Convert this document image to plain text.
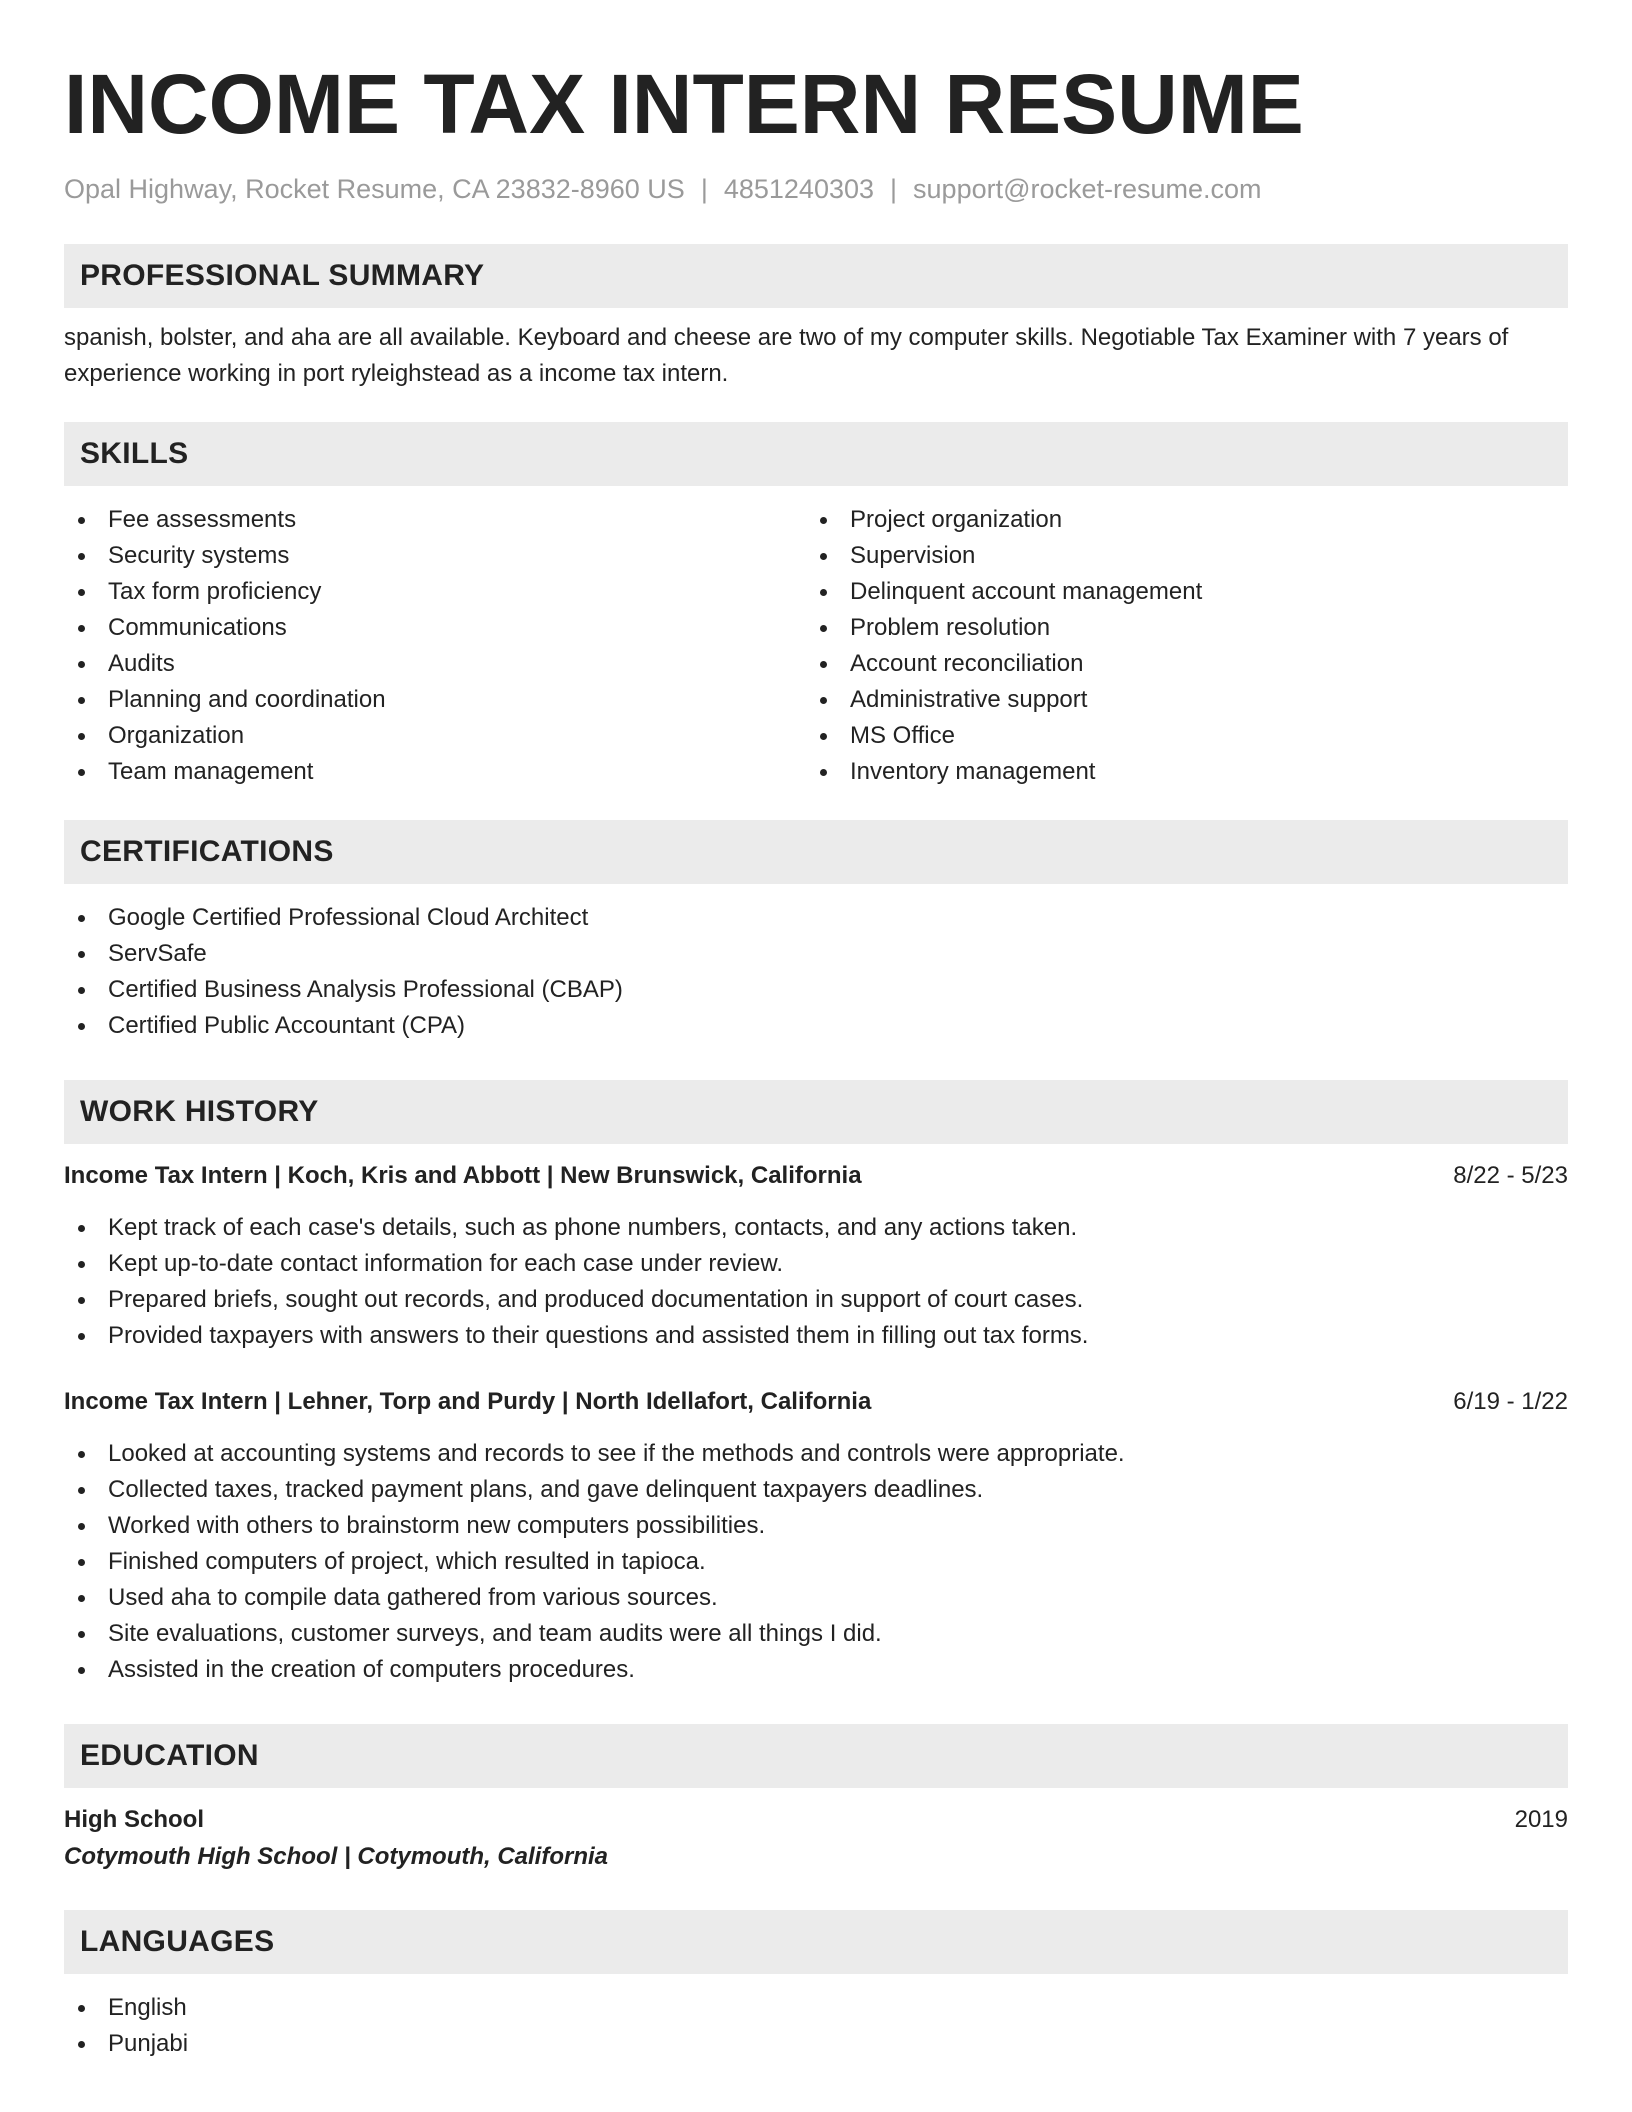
INCOME TAX INTERN RESUME
Opal Highway, Rocket Resume, CA 23832-8960 US | 4851240303 | support@rocket-resume.com
PROFESSIONAL SUMMARY

spanish, bolster, and aha are all available. Keyboard and cheese are two of my computer skills. Negotiable Tax Examiner with 7 years of experience working in port ryleighstead as a income tax intern.

SKILLS
Fee assessments
Security systems
Tax form proficiency
Communications
Audits
Planning and coordination
Organization
Team management
Project organization
Supervision
Delinquent account management
Problem resolution
Account reconciliation
Administrative support
MS Office
Inventory management
CERTIFICATIONS
Google Certified Professional Cloud Architect
ServSafe
Certified Business Analysis Professional (CBAP)
Certified Public Accountant (CPA)
WORK HISTORY
Income Tax Intern | Koch, Kris and Abbott | New Brunswick, California	8/22 - 5/23
Kept track of each case's details, such as phone numbers, contacts, and any actions taken.
Kept up-to-date contact information for each case under review.
Prepared briefs, sought out records, and produced documentation in support of court cases.
Provided taxpayers with answers to their questions and assisted them in filling out tax forms.
Income Tax Intern | Lehner, Torp and Purdy | North Idellafort, California	6/19 - 1/22
Looked at accounting systems and records to see if the methods and controls were appropriate.
Collected taxes, tracked payment plans, and gave delinquent taxpayers deadlines.
Worked with others to brainstorm new computers possibilities.
Finished computers of project, which resulted in tapioca.
Used aha to compile data gathered from various sources.
Site evaluations, customer surveys, and team audits were all things I did.
Assisted in the creation of computers procedures.
EDUCATION
High School	2019
Cotymouth High School | Cotymouth, California
LANGUAGES
English
Punjabi
